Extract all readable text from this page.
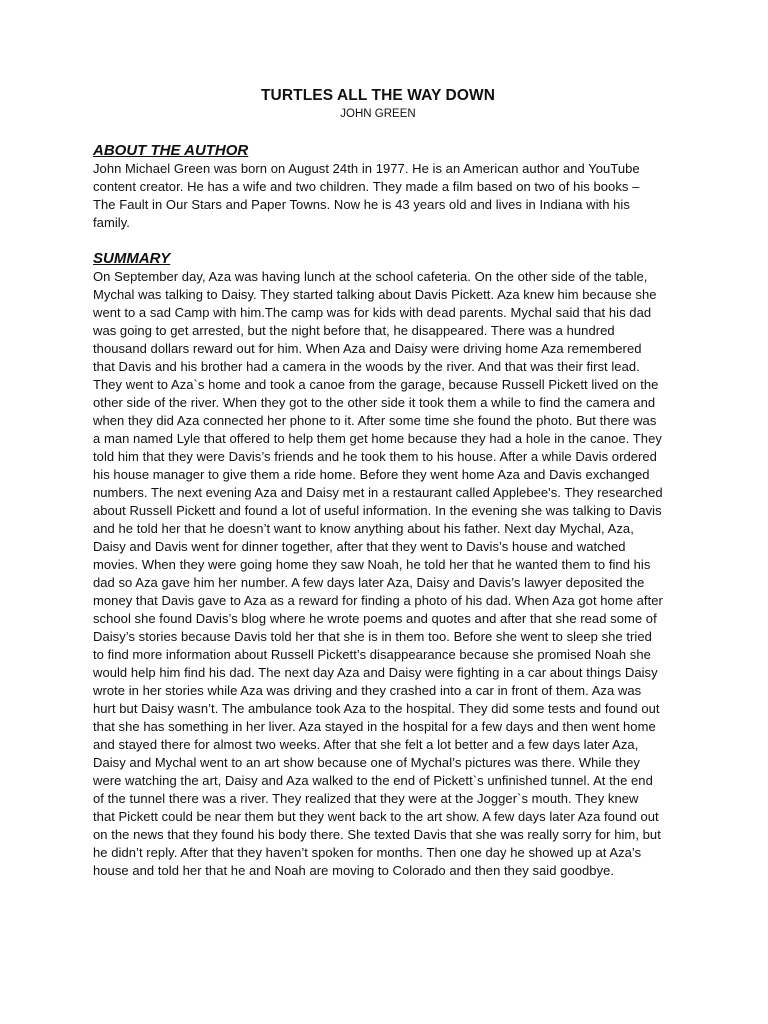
TURTLES ALL THE WAY DOWN
JOHN GREEN
ABOUT THE AUTHOR

John Michael Green was born on August 24th in 1977. He is an American author and YouTube content creator. He has a wife and two children. They made a film based on two of his books – The Fault in Our Stars and Paper Towns. Now he is 43 years old and lives in Indiana with his family.

SUMMARY

On September day, Aza was having lunch at the school cafeteria. On the other side of the table, Mychal was talking to Daisy. They started talking about Davis Pickett. Aza knew him because she went to a sad Camp with him.The camp was for kids with dead parents. Mychal said that his dad was going to get arrested, but the night before that, he disappeared. There was a hundred thousand dollars reward out for him. When Aza and Daisy were driving home Aza remembered that Davis and his brother had a camera in the woods by the river. And that was their first lead. They went to Aza`s home and took a canoe from the garage, because Russell Pickett lived on the other side of the river. When they got to the other side it took them a while to find the camera and when they did Aza connected her phone to it. After some time she found the photo. But there was a man named Lyle that offered to help them get home because they had a hole in the canoe. They told him that they were Davis’s friends and he took them to his house. After a while Davis ordered his house manager to give them a ride home. Before they went home Aza and Davis exchanged numbers. The next evening Aza and Daisy met in a restaurant called Applebee's. They researched about Russell Pickett and found a lot of useful information. In the evening she was talking to Davis and he told her that he doesn’t want to know anything about his father. Next day Mychal, Aza, Daisy and Davis went for dinner together, after that they went to Davis’s house and watched movies. When they were going home they saw Noah, he told her that he wanted them to find his dad so Aza gave him her number. A few days later Aza, Daisy and Davis’s lawyer deposited the money that Davis gave to Aza as a reward for finding a photo of his dad. When Aza got home after school she found Davis’s blog where he wrote poems and quotes and after that she read some of Daisy’s stories because Davis told her that she is in them too. Before she went to sleep she tried to find more information about Russell Pickett’s disappearance because she promised Noah she would help him find his dad. The next day Aza and Daisy were fighting in a car about things Daisy wrote in her stories while Aza was driving and they crashed into a car in front of them. Aza was hurt but Daisy wasn’t. The ambulance took Aza to the hospital. They did some tests and found out that she has something in her liver. Aza stayed in the hospital for a few days and then went home and stayed there for almost two weeks. After that she felt a lot better and a few days later Aza, Daisy and Mychal went to an art show because one of Mychal’s pictures was there. While they were watching the art, Daisy and Aza walked to the end of Pickett`s unfinished tunnel. At the end of the tunnel there was a river. They realized that they were at the Jogger`s mouth. They knew that Pickett could be near them but they went back to the art show. A few days later Aza found out on the news that they found his body there. She texted Davis that she was really sorry for him, but he didn’t reply. After that they haven’t spoken for months. Then one day he showed up at Aza’s house and told her that he and Noah are moving to Colorado and then they said goodbye.
